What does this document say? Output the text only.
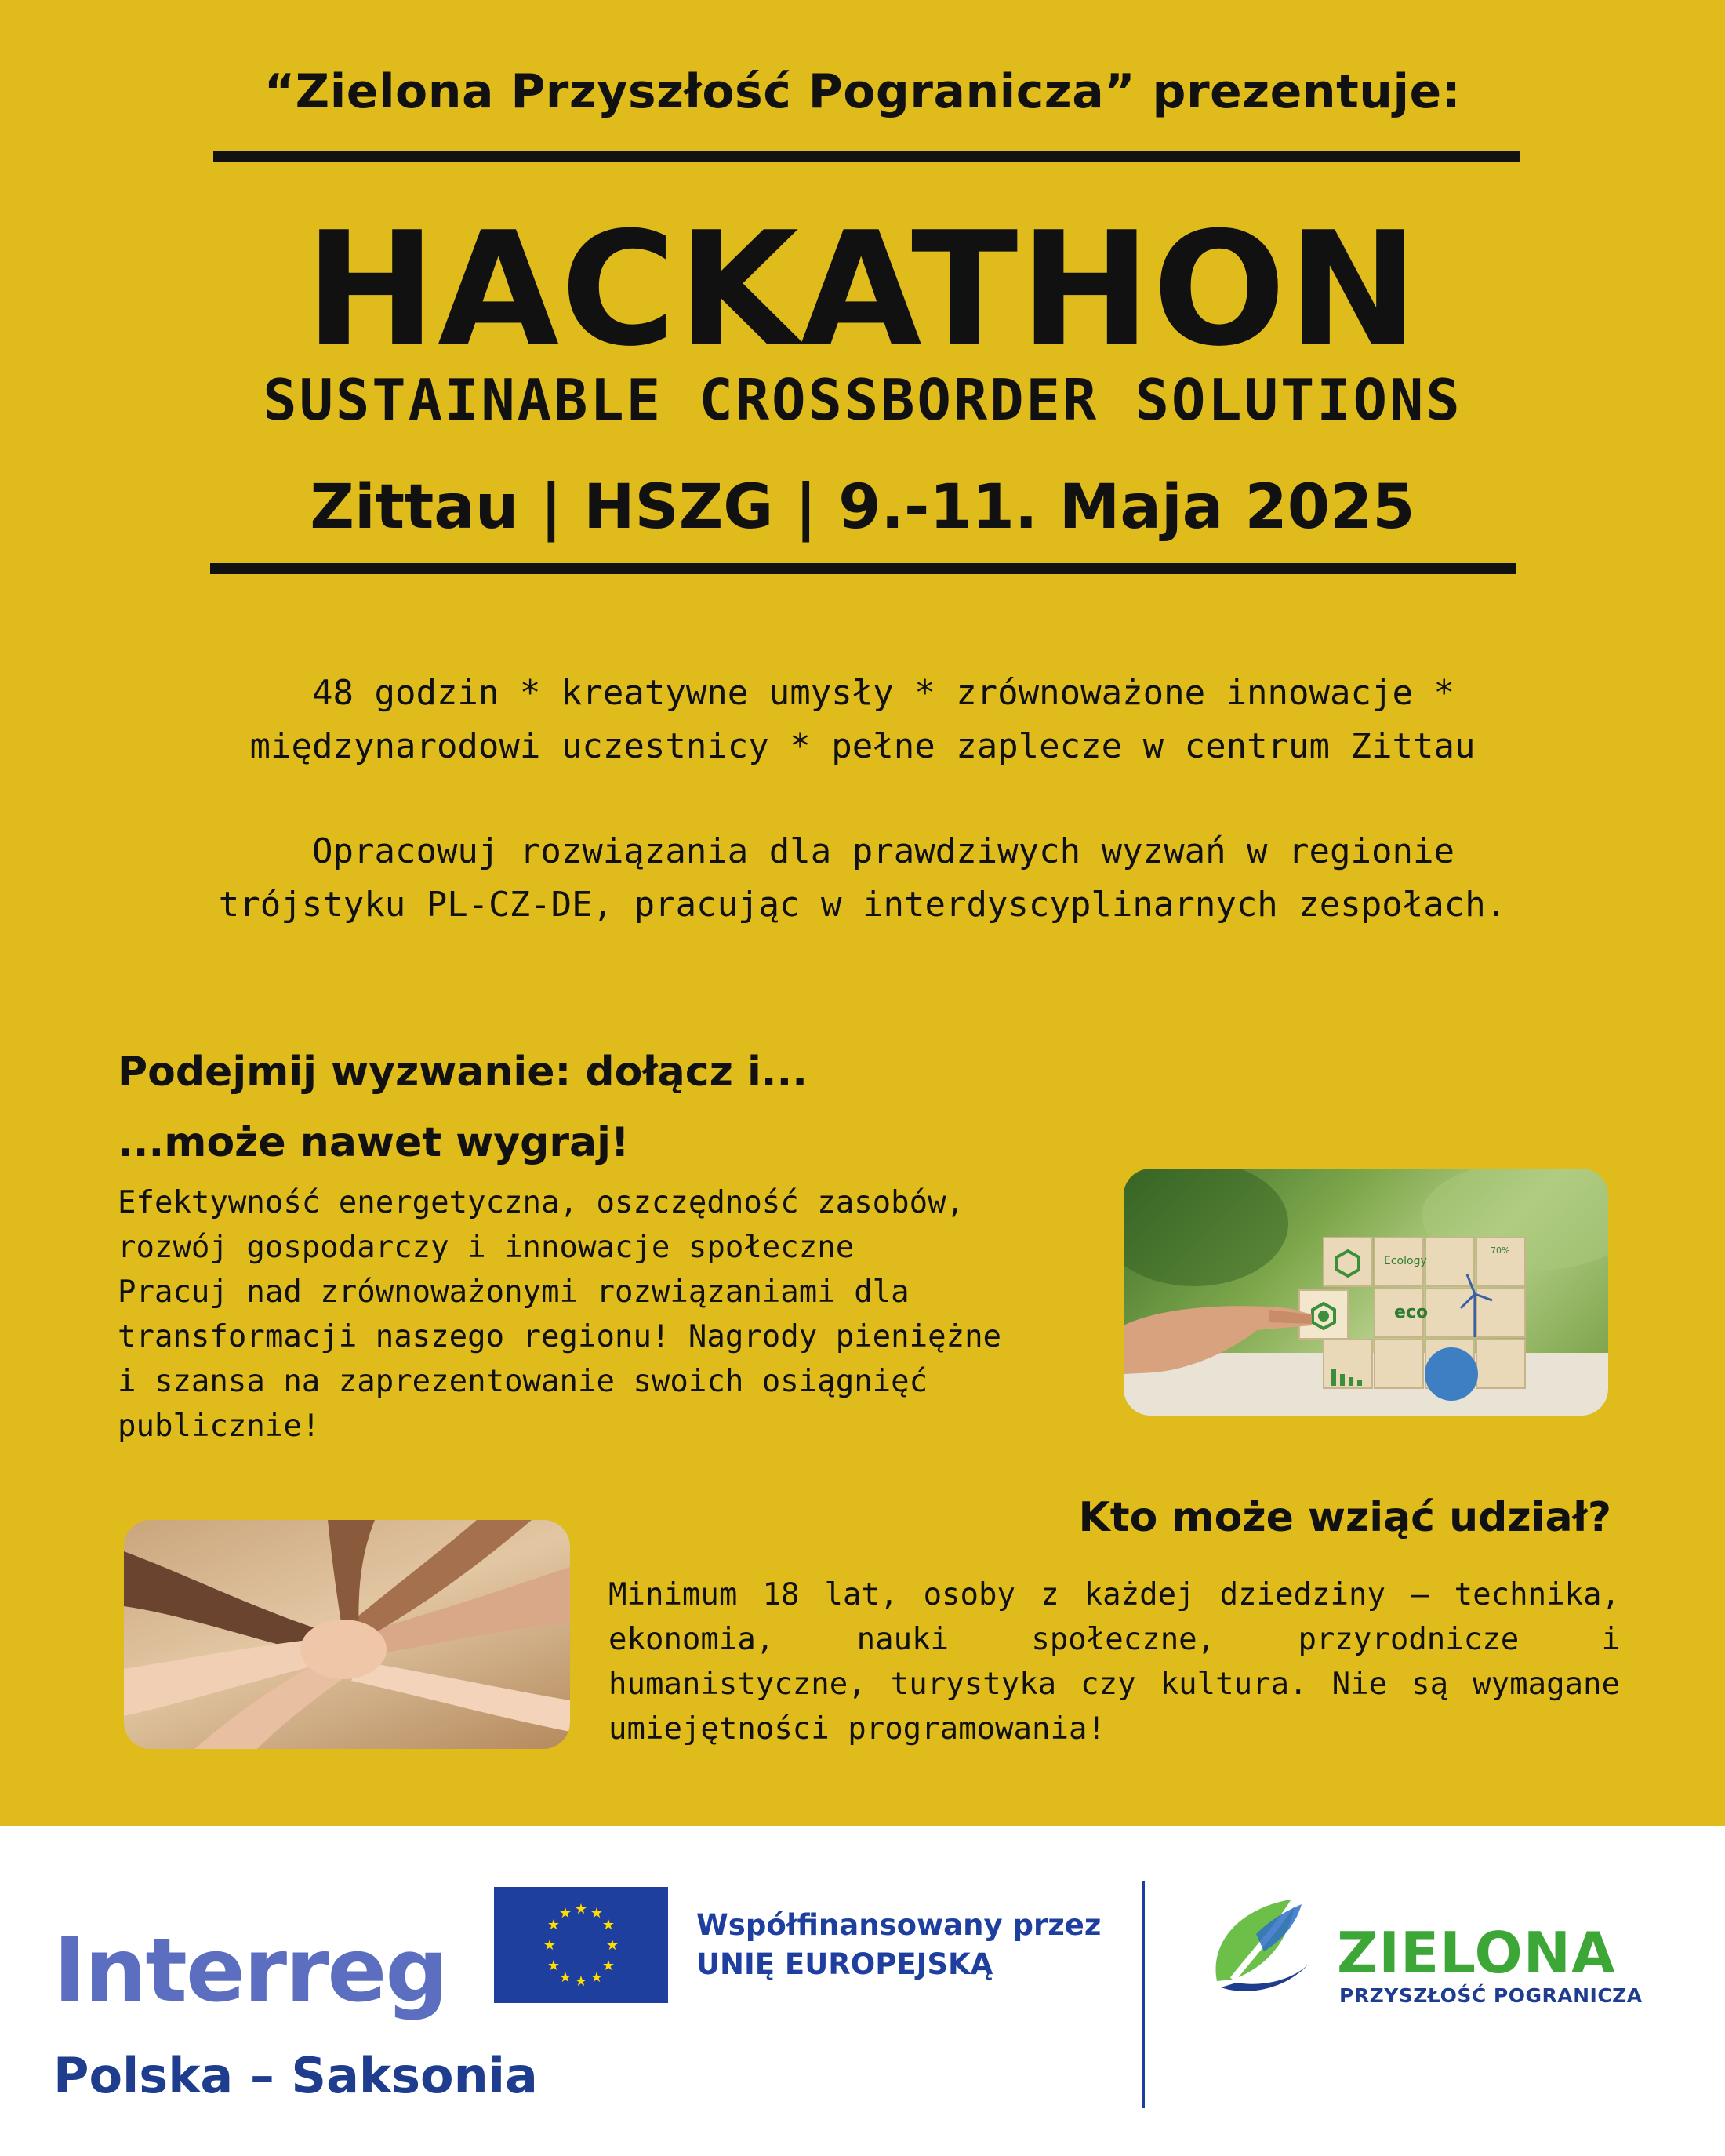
“Zielona Przyszłość Pogranicza” prezentuje:
HACKATHON
SUSTAINABLE CROSSBORDER SOLUTIONS
Zittau | HSZG | 9.-11. Maja 2025
48 godzin * kreatywne umysły * zrównoważone innowacje *
międzynarodowi uczestnicy * pełne zaplecze w centrum Zittau
Opracowuj rozwiązania dla prawdziwych wyzwań w regionie
trójstyku PL-CZ-DE, pracując w interdyscyplinarnych zespołach.
Podejmij wyzwanie: dołącz i...
...może nawet wygraj!
Efektywność energetyczna, oszczędność zasobów,
rozwój gospodarczy i innowacje społeczne
Pracuj nad zrównoważonymi rozwiązaniami dla
transformacji naszego regionu! Nagrody pieniężne
i szansa na zaprezentowanie swoich osiągnięć
publicznie!
Ecology
70%
eco
Kto może wziąć udział?
Minimum 18 lat, osoby z każdej dziedziny – technika, ekonomia, nauki społeczne, przyrodnicze i humanistyczne, turystyka czy kultura. Nie są wymagane umiejętności programowania!
Interreg
Polska – Saksonia
★ ★
★
★
★
★
★
★
★
★
★
★	Współfinansowany przez
UNIĘ EUROPEJSKĄ	ZIELONA
PRZYSZŁOŚĆ POGRANICZA
